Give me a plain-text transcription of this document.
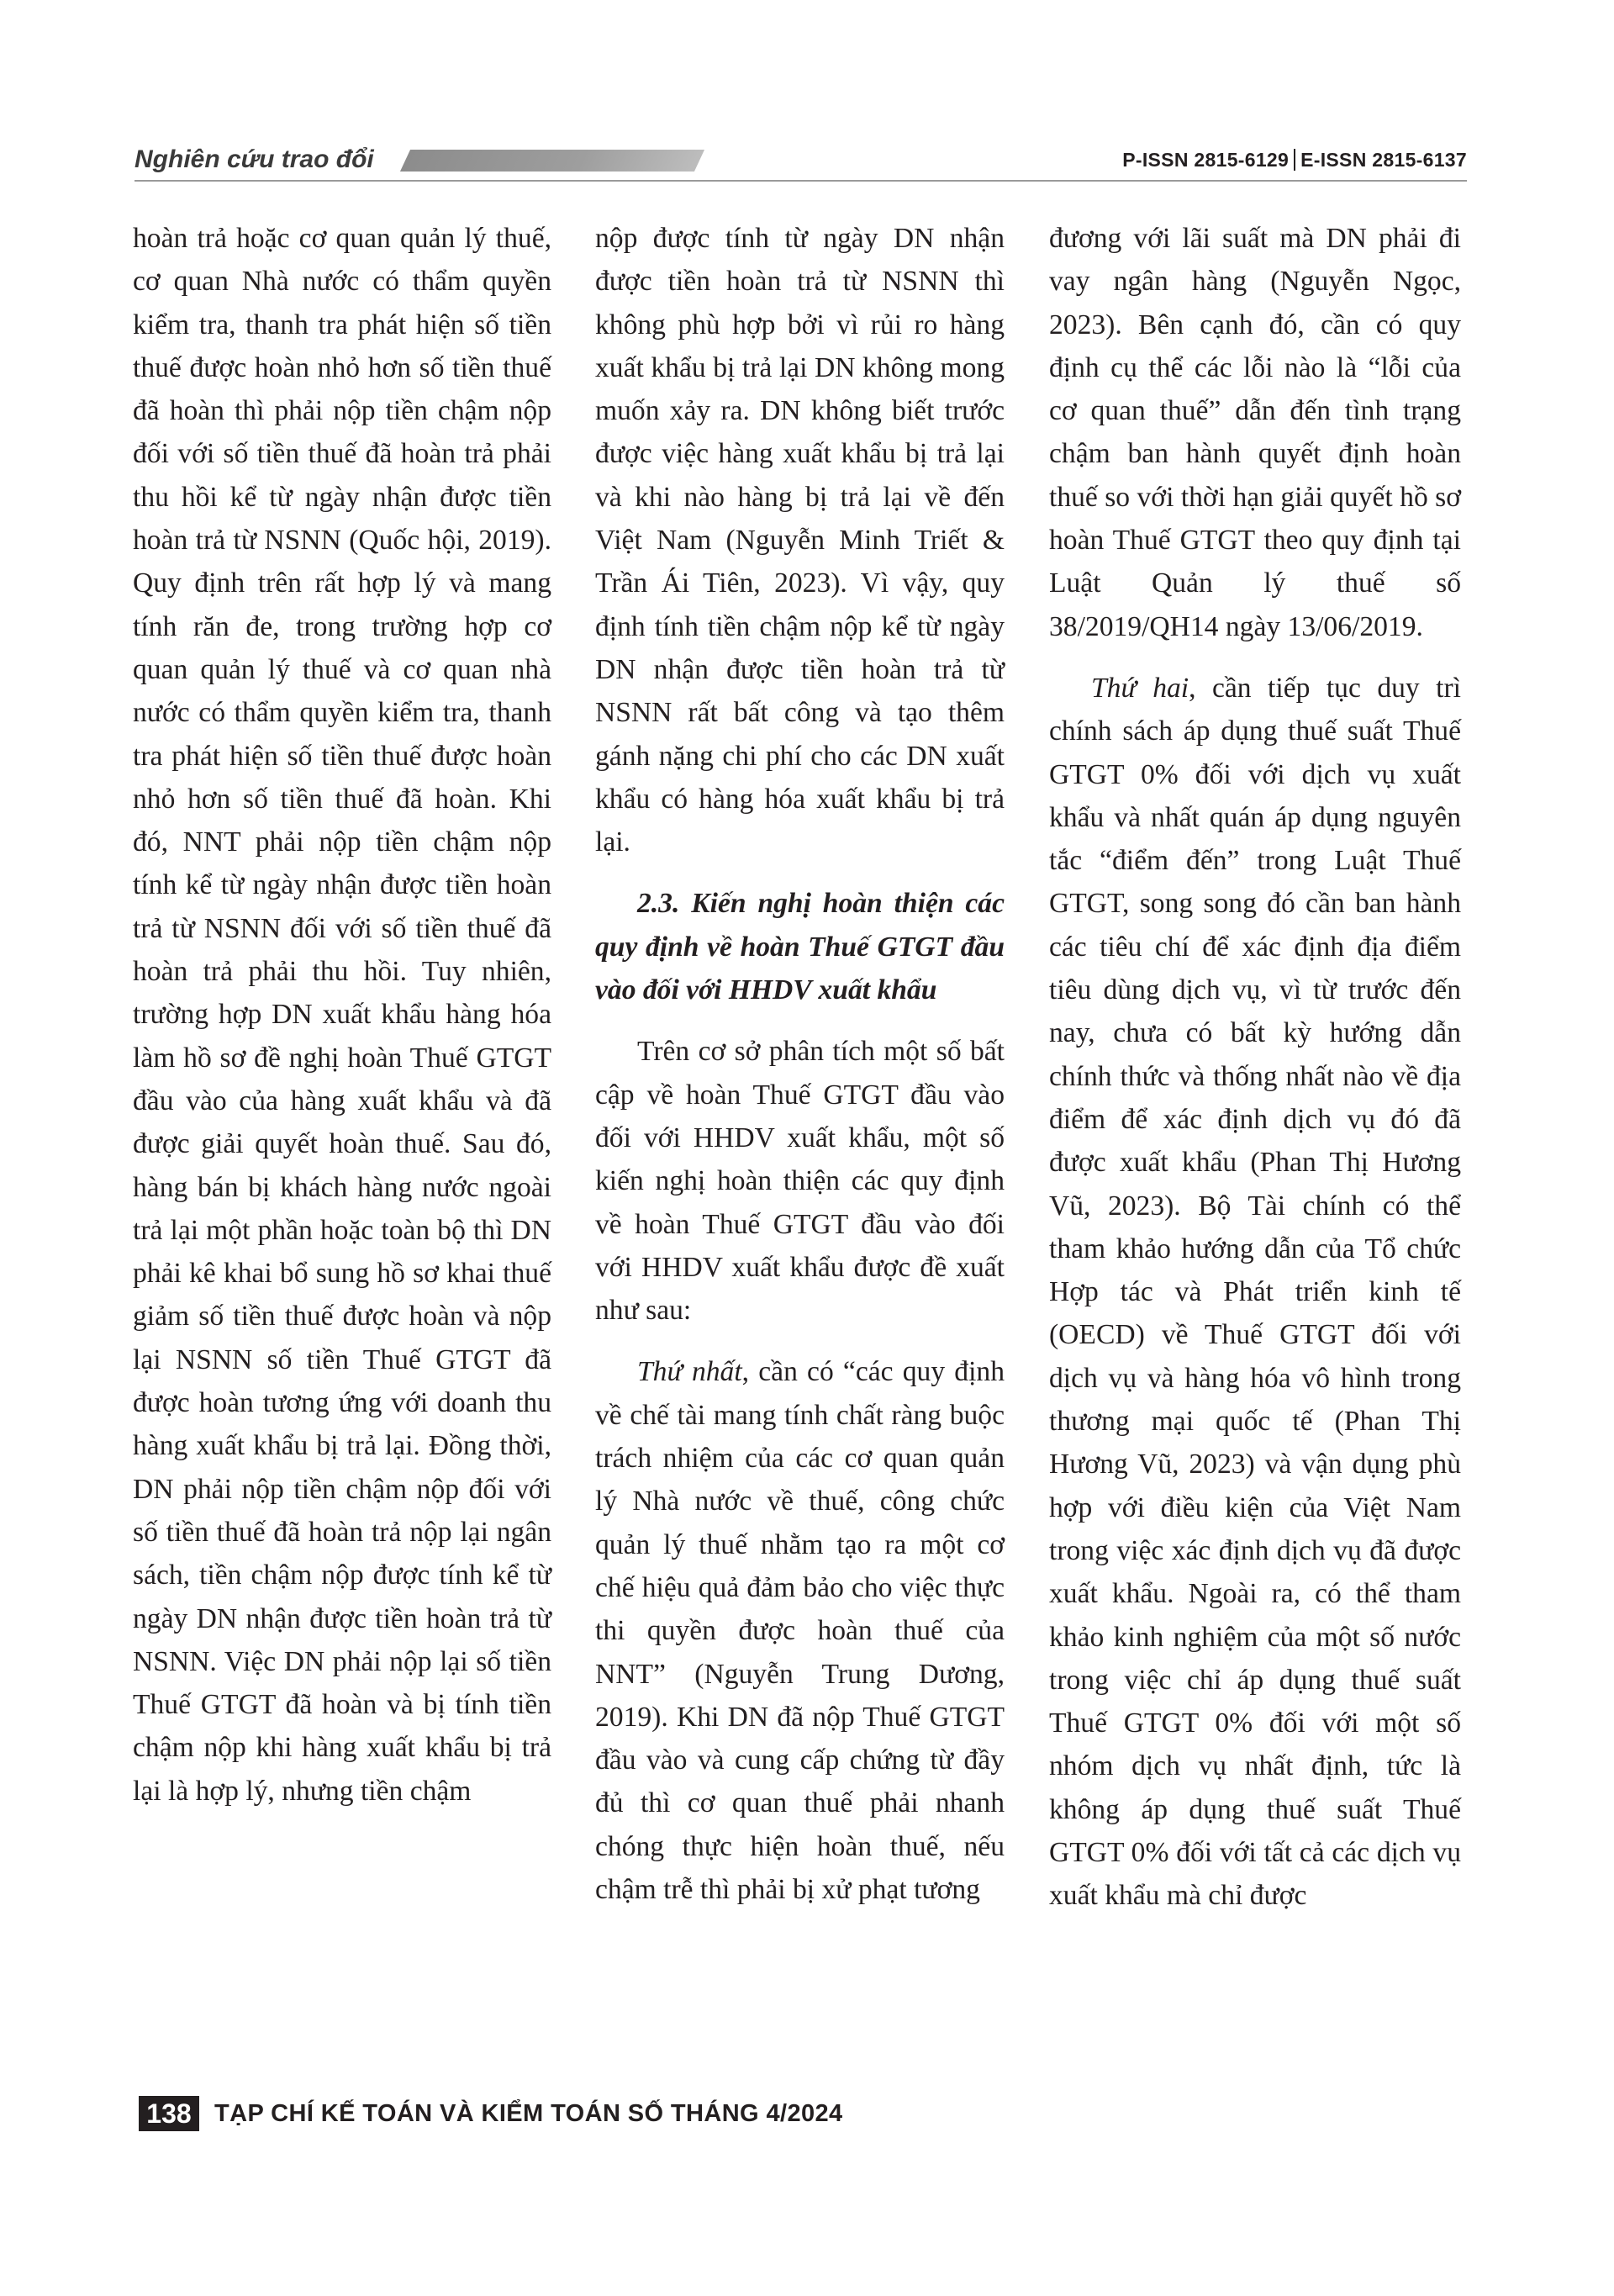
Nghiên cứu trao đổi	P-ISSN 2815-6129 E-ISSN 2815-6137

hoàn trả hoặc cơ quan quản lý thuế, cơ quan Nhà nước có thẩm quyền kiểm tra, thanh tra phát hiện số tiền thuế được hoàn nhỏ hơn số tiền thuế đã hoàn thì phải nộp tiền chậm nộp đối với số tiền thuế đã hoàn trả phải thu hồi kể từ ngày nhận được tiền hoàn trả từ NSNN (Quốc hội, 2019). Quy định trên rất hợp lý và mang tính răn đe, trong trường hợp cơ quan quản lý thuế và cơ quan nhà nước có thẩm quyền kiểm tra, thanh tra phát hiện số tiền thuế được hoàn nhỏ hơn số tiền thuế đã hoàn. Khi đó, NNT phải nộp tiền chậm nộp tính kể từ ngày nhận được tiền hoàn trả từ NSNN đối với số tiền thuế đã hoàn trả phải thu hồi. Tuy nhiên, trường hợp DN xuất khẩu hàng hóa làm hồ sơ đề nghị hoàn Thuế GTGT đầu vào của hàng xuất khẩu và đã được giải quyết hoàn thuế. Sau đó, hàng bán bị khách hàng nước ngoài trả lại một phần hoặc toàn bộ thì DN phải kê khai bổ sung hồ sơ khai thuế giảm số tiền thuế được hoàn và nộp lại NSNN số tiền Thuế GTGT đã được hoàn tương ứng với doanh thu hàng xuất khẩu bị trả lại. Đồng thời, DN phải nộp tiền chậm nộp đối với số tiền thuế đã hoàn trả nộp lại ngân sách, tiền chậm nộp được tính kể từ ngày DN nhận được tiền hoàn trả từ NSNN. Việc DN phải nộp lại số tiền Thuế GTGT đã hoàn và bị tính tiền chậm nộp khi hàng xuất khẩu bị trả lại là hợp lý, nhưng tiền chậm

nộp được tính từ ngày DN nhận được tiền hoàn trả từ NSNN thì không phù hợp bởi vì rủi ro hàng xuất khẩu bị trả lại DN không mong muốn xảy ra. DN không biết trước được việc hàng xuất khẩu bị trả lại và khi nào hàng bị trả lại về đến Việt Nam (Nguyễn Minh Triết & Trần Ái Tiên, 2023). Vì vậy, quy định tính tiền chậm nộp kể từ ngày DN nhận được tiền hoàn trả từ NSNN rất bất công và tạo thêm gánh nặng chi phí cho các DN xuất khẩu có hàng hóa xuất khẩu bị trả lại.

2.3. Kiến nghị hoàn thiện các quy định về hoàn Thuế GTGT đầu vào đối với HHDV xuất khẩu

Trên cơ sở phân tích một số bất cập về hoàn Thuế GTGT đầu vào đối với HHDV xuất khẩu, một số kiến nghị hoàn thiện các quy định về hoàn Thuế GTGT đầu vào đối với HHDV xuất khẩu được đề xuất như sau:

Thứ nhất, cần có “các quy định về chế tài mang tính chất ràng buộc trách nhiệm của các cơ quan quản lý Nhà nước về thuế, công chức quản lý thuế nhằm tạo ra một cơ chế hiệu quả đảm bảo cho việc thực thi quyền được hoàn thuế của NNT” (Nguyễn Trung Dương, 2019). Khi DN đã nộp Thuế GTGT đầu vào và cung cấp chứng từ đầy đủ thì cơ quan thuế phải nhanh chóng thực hiện hoàn thuế, nếu chậm trễ thì phải bị xử phạt tương

đương với lãi suất mà DN phải đi vay ngân hàng (Nguyễn Ngọc, 2023). Bên cạnh đó, cần có quy định cụ thể các lỗi nào là “lỗi của cơ quan thuế” dẫn đến tình trạng chậm ban hành quyết định hoàn thuế so với thời hạn giải quyết hồ sơ hoàn Thuế GTGT theo quy định tại Luật Quản lý thuế số 38/2019/QH14 ngày 13/06/2019.

Thứ hai, cần tiếp tục duy trì chính sách áp dụng thuế suất Thuế GTGT 0% đối với dịch vụ xuất khẩu và nhất quán áp dụng nguyên tắc “điểm đến” trong Luật Thuế GTGT, song song đó cần ban hành các tiêu chí để xác định địa điểm tiêu dùng dịch vụ, vì từ trước đến nay, chưa có bất kỳ hướng dẫn chính thức và thống nhất nào về địa điểm để xác định dịch vụ đó đã được xuất khẩu (Phan Thị Hương Vũ, 2023). Bộ Tài chính có thể tham khảo hướng dẫn của Tổ chức Hợp tác và Phát triển kinh tế (OECD) về Thuế GTGT đối với dịch vụ và hàng hóa vô hình trong thương mại quốc tế (Phan Thị Hương Vũ, 2023) và vận dụng phù hợp với điều kiện của Việt Nam trong việc xác định dịch vụ đã được xuất khẩu. Ngoài ra, có thể tham khảo kinh nghiệm của một số nước trong việc chỉ áp dụng thuế suất Thuế GTGT 0% đối với một số nhóm dịch vụ nhất định, tức là không áp dụng thuế suất Thuế GTGT 0% đối với tất cả các dịch vụ xuất khẩu mà chỉ được

138 TẠP CHÍ KẾ TOÁN VÀ KIỂM TOÁN SỐ THÁNG 4/2024
